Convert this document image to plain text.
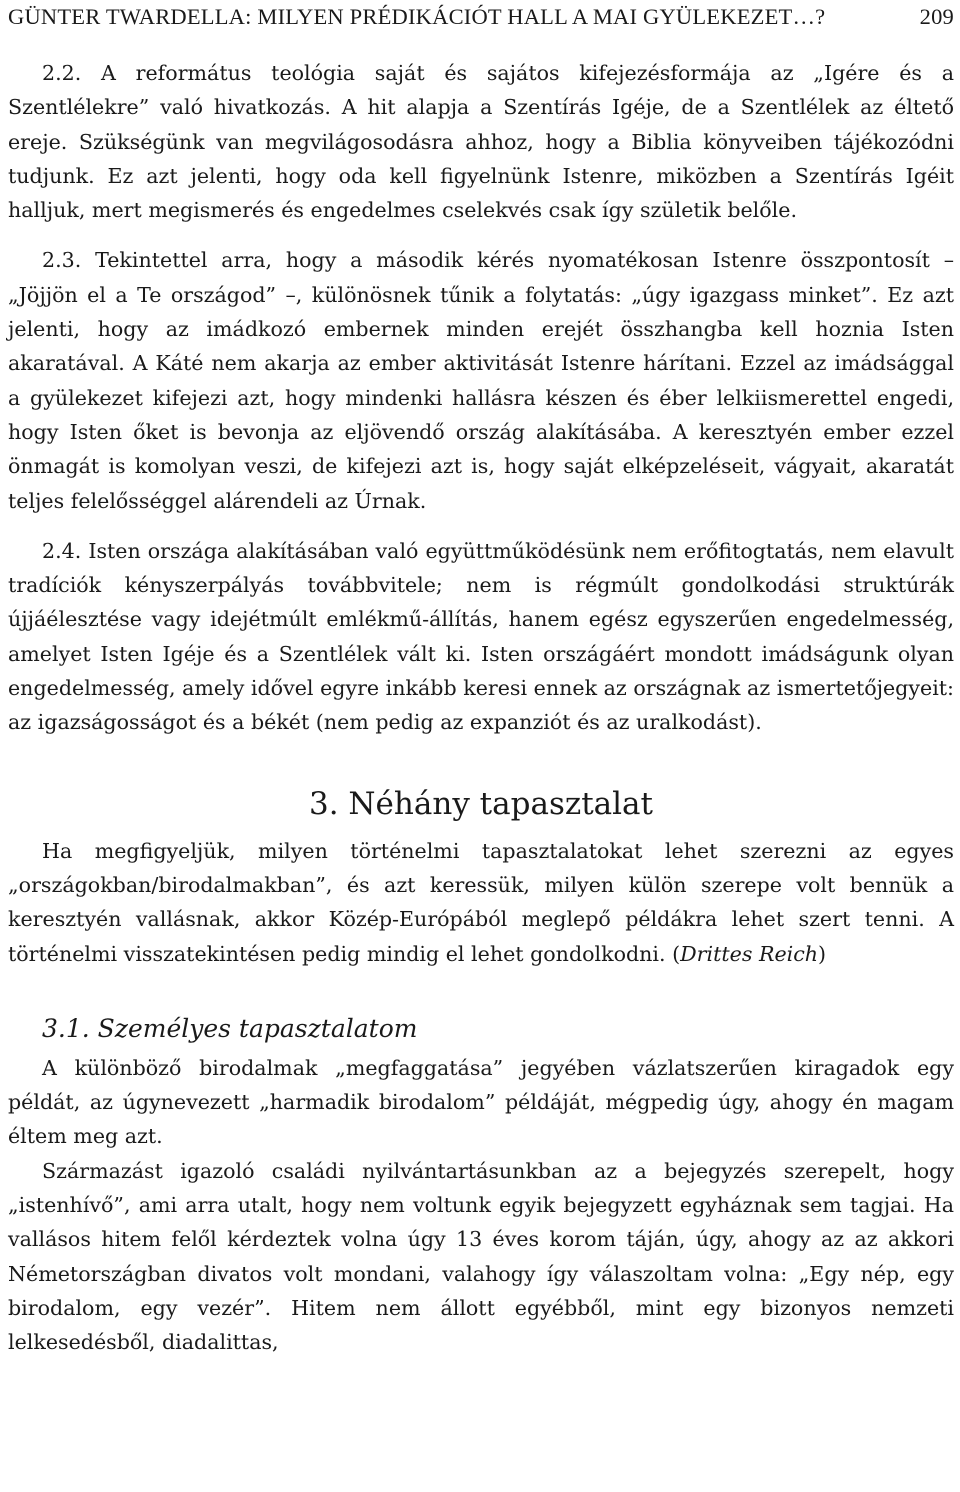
GÜNTER TWARDELLA: MILYEN PRÉDIKÁCIÓT HALL A MAI GYÜLEKEZET…?	209

2.2. A református teológia saját és sajátos kifejezésformája az „Igére és a Szentlélekre” való hivatkozás. A hit alapja a Szentírás Igéje, de a Szentlélek az éltető ereje. Szükségünk van megvilágosodásra ahhoz, hogy a Biblia könyveiben tájékozódni tudjunk. Ez azt jelenti, hogy oda kell figyelnünk Istenre, miközben a Szentírás Igéit halljuk, mert megismerés és engedelmes cselekvés csak így születik belőle.

2.3. Tekintettel arra, hogy a második kérés nyomatékosan Istenre összpontosít – „Jöjjön el a Te országod” –, különösnek tűnik a folytatás: „úgy igazgass minket”. Ez azt jelenti, hogy az imádkozó embernek minden erejét összhangba kell hoznia Isten akaratával. A Káté nem akarja az ember aktivitását Istenre hárítani. Ezzel az imádsággal a gyülekezet kifejezi azt, hogy mindenki hallásra készen és éber lelkiismerettel engedi, hogy Isten őket is bevonja az eljövendő ország alakításába. A keresztyén ember ezzel önmagát is komolyan veszi, de kifejezi azt is, hogy saját elképzeléseit, vágyait, akaratát teljes felelősséggel alárendeli az Úrnak.

2.4. Isten országa alakításában való együttműködésünk nem erőfitogtatás, nem elavult tradíciók kényszerpályás továbbvitele; nem is régmúlt gondolkodási struktúrák újjáélesztése vagy idejétmúlt emlékmű-állítás, hanem egész egyszerűen engedelmesség, amelyet Isten Igéje és a Szentlélek vált ki. Isten országáért mondott imádságunk olyan engedelmesség, amely idővel egyre inkább keresi ennek az országnak az ismertetőjegyeit: az igazságosságot és a békét (nem pedig az expanziót és az uralkodást).

3. Néhány tapasztalat

Ha megfigyeljük, milyen történelmi tapasztalatokat lehet szerezni az egyes „országokban/birodalmakban”, és azt keressük, milyen külön szerepe volt bennük a keresztyén vallásnak, akkor Közép-Európából meglepő példákra lehet szert tenni. A történelmi visszatekintésen pedig mindig el lehet gondolkodni. (Drittes Reich)

3.1. Személyes tapasztalatom

A különböző birodalmak „megfaggatása” jegyében vázlatszerűen kiragadok egy példát, az úgynevezett „harmadik birodalom” példáját, mégpedig úgy, ahogy én magam éltem meg azt.

Származást igazoló családi nyilvántartásunkban az a bejegyzés szerepelt, hogy „istenhívő”, ami arra utalt, hogy nem voltunk egyik bejegyzett egyháznak sem tagjai. Ha vallásos hitem felől kérdeztek volna úgy 13 éves korom táján, úgy, ahogy az az akkori Németországban divatos volt mondani, valahogy így válaszoltam volna: „Egy nép, egy birodalom, egy vezér”. Hitem nem állott egyébből, mint egy bizonyos nemzeti lelkesedésből, diadalittas,
